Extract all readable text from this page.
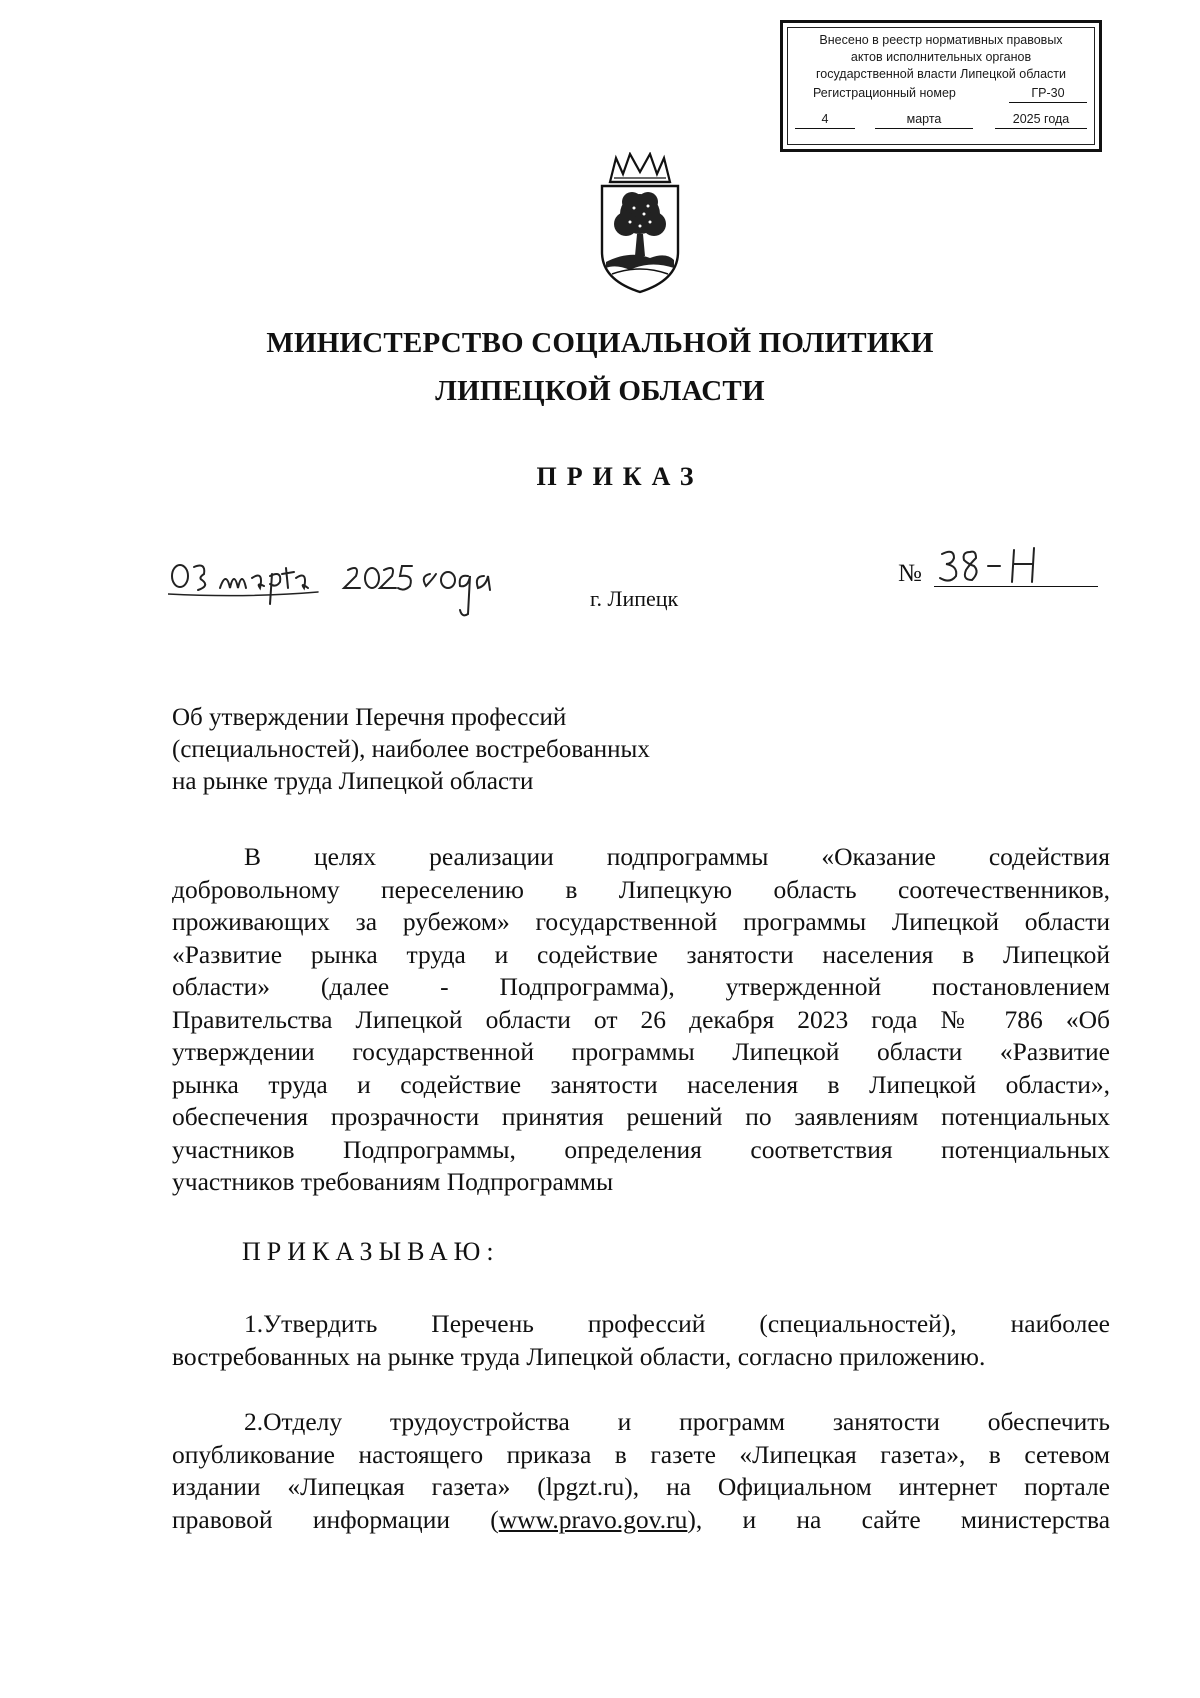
Внесено в реестр нормативных правовых
актов исполнительных органов
государственной власти Липецкой области
Регистрационный номер	ГР-30
4	марта	2025 года
МИНИСТЕРСТВО СОЦИАЛЬНОЙ ПОЛИТИКИ
ЛИПЕЦКОЙ ОБЛАСТИ
ПРИКАЗ
03 марта 2025 года
г. Липецк
№
38-Н
Об утверждении Перечня профессий
(специальностей), наиболее востребованных
на рынке труда Липецкой области
В целях реализации подпрограммы «Оказание содействия
добровольному переселению в Липецкую область соотечественников,
проживающих за рубежом» государственной программы Липецкой области
«Развитие рынка труда и содействие занятости населения в Липецкой
области» (далее - Подпрограмма), утвержденной постановлением
Правительства Липецкой области от 26 декабря 2023 года № 786 «Об
утверждении государственной программы Липецкой области «Развитие
рынка труда и содействие занятости населения в Липецкой области»,
обеспечения прозрачности принятия решений по заявлениям потенциальных
участников Подпрограммы, определения соответствия потенциальных
участников требованиям Подпрограммы
ПРИКАЗЫВАЮ:
1.Утвердить Перечень профессий (специальностей), наиболее
востребованных на рынке труда Липецкой области, согласно приложению.
2.Отделу трудоустройства и программ занятости обеспечить
опубликование настоящего приказа в газете «Липецкая газета», в сетевом
издании «Липецкая газета» (lpgzt.ru), на Официальном интернет портале
правовой информации (www.pravo.gov.ru), и на сайте министерства
